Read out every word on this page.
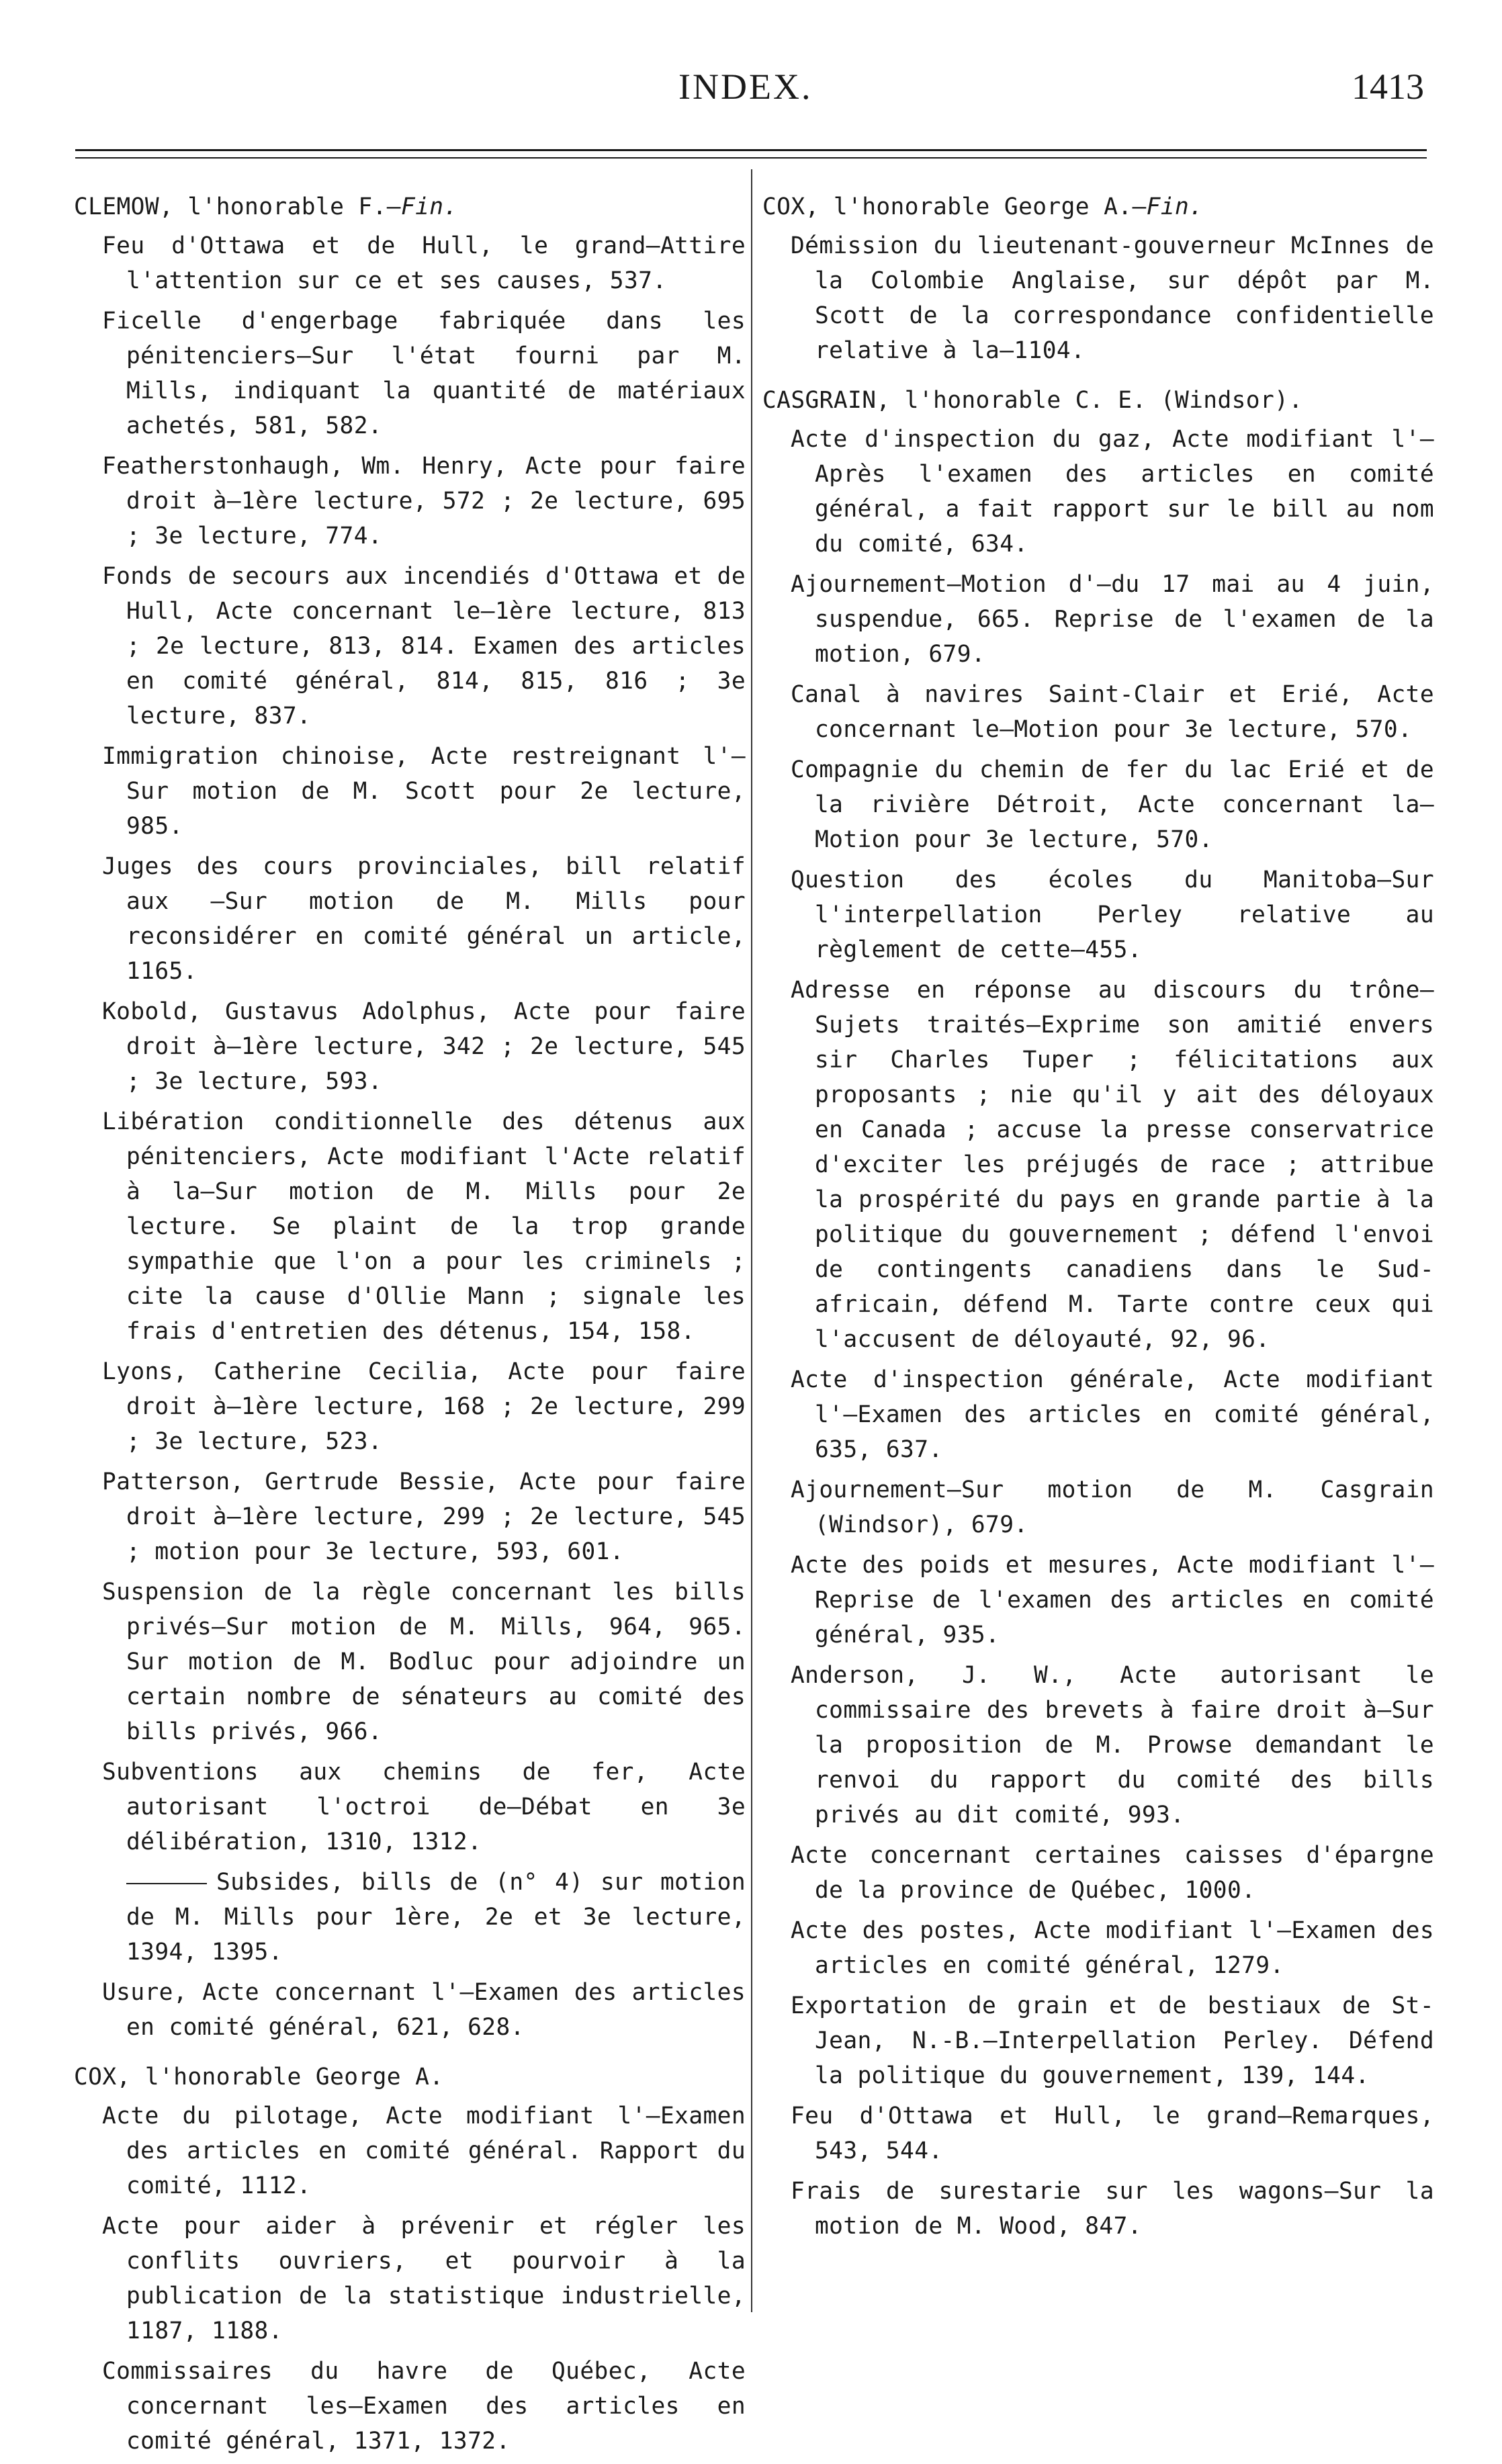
INDEX.	1413
CLEMOW, l'honorable F.—Fin.
Feu d'Ottawa et de Hull, le grand—Attire l'attention sur ce et ses causes, 537.
Ficelle d'engerbage fabriquée dans les pénitenciers—Sur l'état fourni par M. Mills, indiquant la quantité de matériaux achetés, 581, 582.
Featherstonhaugh, Wm. Henry, Acte pour faire droit à—1ère lecture, 572 ; 2e lecture, 695 ; 3e lecture, 774.
Fonds de secours aux incendiés d'Ottawa et de Hull, Acte concernant le—1ère lecture, 813 ; 2e lecture, 813, 814. Examen des articles en comité général, 814, 815, 816 ; 3e lecture, 837.
Immigration chinoise, Acte restreignant l'—Sur motion de M. Scott pour 2e lecture, 985.
Juges des cours provinciales, bill relatif aux —Sur motion de M. Mills pour reconsidérer en comité général un article, 1165.
Kobold, Gustavus Adolphus, Acte pour faire droit à—1ère lecture, 342 ; 2e lecture, 545 ; 3e lecture, 593.
Libération conditionnelle des détenus aux pénitenciers, Acte modifiant l'Acte relatif à la—Sur motion de M. Mills pour 2e lecture. Se plaint de la trop grande sympathie que l'on a pour les criminels ; cite la cause d'Ollie Mann ; signale les frais d'entretien des détenus, 154, 158.
Lyons, Catherine Cecilia, Acte pour faire droit à—1ère lecture, 168 ; 2e lecture, 299 ; 3e lecture, 523.
Patterson, Gertrude Bessie, Acte pour faire droit à—1ère lecture, 299 ; 2e lecture, 545 ; motion pour 3e lecture, 593, 601.
Suspension de la règle concernant les bills privés—Sur motion de M. Mills, 964, 965. Sur motion de M. Bodluc pour adjoindre un certain nombre de sénateurs au comité des bills privés, 966.
Subventions aux chemins de fer, Acte autorisant l'octroi de—Débat en 3e délibération, 1310, 1312.
Subsides, bills de (n° 4) sur motion de M. Mills pour 1ère, 2e et 3e lecture, 1394, 1395.
Usure, Acte concernant l'—Examen des articles en comité général, 621, 628.
COX, l'honorable George A.
Acte du pilotage, Acte modifiant l'—Examen des articles en comité général. Rapport du comité, 1112.
Acte pour aider à prévenir et régler les conflits ouvriers, et pourvoir à la publication de la statistique industrielle, 1187, 1188.
Commissaires du havre de Québec, Acte concernant les—Examen des articles en comité général, 1371, 1372.
COX, l'honorable George A.—Fin.
Démission du lieutenant-gouverneur McInnes de la Colombie Anglaise, sur dépôt par M. Scott de la correspondance confidentielle relative à la—1104.
CASGRAIN, l'honorable C. E. (Windsor).
Acte d'inspection du gaz, Acte modifiant l'—Après l'examen des articles en comité général, a fait rapport sur le bill au nom du comité, 634.
Ajournement—Motion d'—du 17 mai au 4 juin, suspendue, 665. Reprise de l'examen de la motion, 679.
Canal à navires Saint-Clair et Erié, Acte concernant le—Motion pour 3e lecture, 570.
Compagnie du chemin de fer du lac Erié et de la rivière Détroit, Acte concernant la—Motion pour 3e lecture, 570.
Question des écoles du Manitoba—Sur l'interpellation Perley relative au règlement de cette—455.
Adresse en réponse au discours du trône—Sujets traités—Exprime son amitié envers sir Charles Tuper ; félicitations aux proposants ; nie qu'il y ait des déloyaux en Canada ; accuse la presse conservatrice d'exciter les préjugés de race ; attribue la prospérité du pays en grande partie à la politique du gouvernement ; défend l'envoi de contingents canadiens dans le Sud-africain, défend M. Tarte contre ceux qui l'accusent de déloyauté, 92, 96.
Acte d'inspection générale, Acte modifiant l'—Examen des articles en comité général, 635, 637.
Ajournement—Sur motion de M. Casgrain (Windsor), 679.
Acte des poids et mesures, Acte modifiant l'—Reprise de l'examen des articles en comité général, 935.
Anderson, J. W., Acte autorisant le commissaire des brevets à faire droit à—Sur la proposition de M. Prowse demandant le renvoi du rapport du comité des bills privés au dit comité, 993.
Acte concernant certaines caisses d'épargne de la province de Québec, 1000.
Acte des postes, Acte modifiant l'—Examen des articles en comité général, 1279.
Exportation de grain et de bestiaux de St-Jean, N.-B.—Interpellation Perley. Défend la politique du gouvernement, 139, 144.
Feu d'Ottawa et Hull, le grand—Remarques, 543, 544.
Frais de surestarie sur les wagons—Sur la motion de M. Wood, 847.
